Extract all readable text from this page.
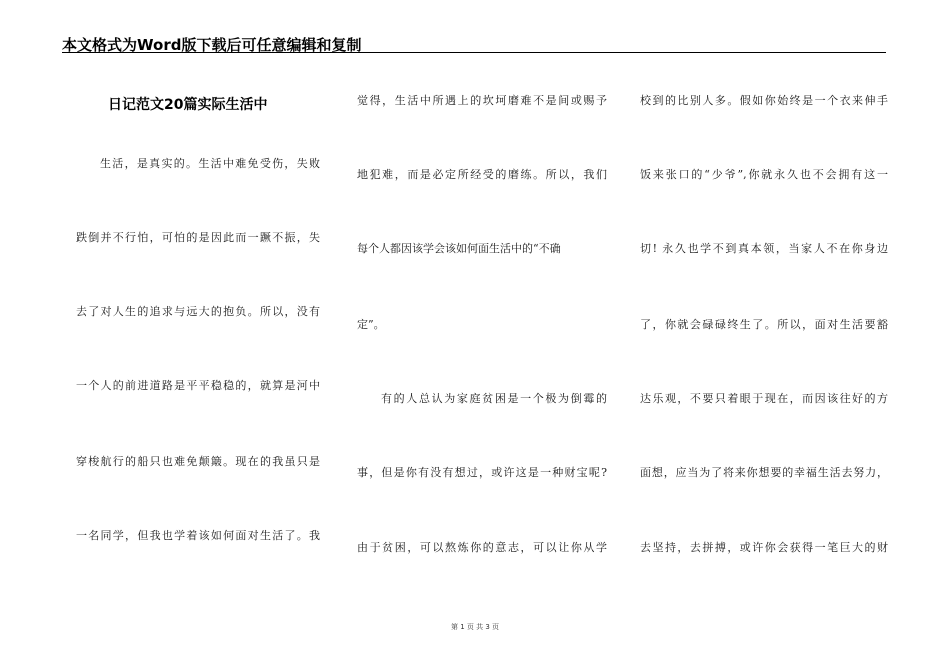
本文格式为Word版下载后可任意编辑和复制
日记范文20篇实际生活中
生活，是真实的。生活中难免受伤，失败
跌倒并不行怕，可怕的是因此而一蹶不振，失
去了对人生的追求与远大的抱负。所以，没有
一个人的前进道路是平平稳稳的，就算是河中
穿梭航行的船只也难免颠簸。现在的我虽只是
一名同学，但我也学着该如何面对生活了。我
觉得，生活中所遇上的坎坷磨难不是间或赐予
地犯难，而是必定所经受的磨练。所以，我们
每个人都因该学会该如何面生活中的“不确
定”。
有的人总认为家庭贫困是一个极为倒霉的
事，但是你有没有想过，或许这是一种财宝呢?
由于贫困，可以熬炼你的意志，可以让你从学
校到的比别人多。假如你始终是一个衣来伸手
饭来张口的“少爷”,你就永久也不会拥有这一
切! 永久也学不到真本领，当家人不在你身边
了，你就会碌碌终生了。所以，面对生活要豁
达乐观，不要只着眼于现在，而因该往好的方
面想，应当为了将来你想要的幸福生活去努力，
去坚持，去拼搏，或许你会获得一笔巨大的财
第 1 页 共 3 页
